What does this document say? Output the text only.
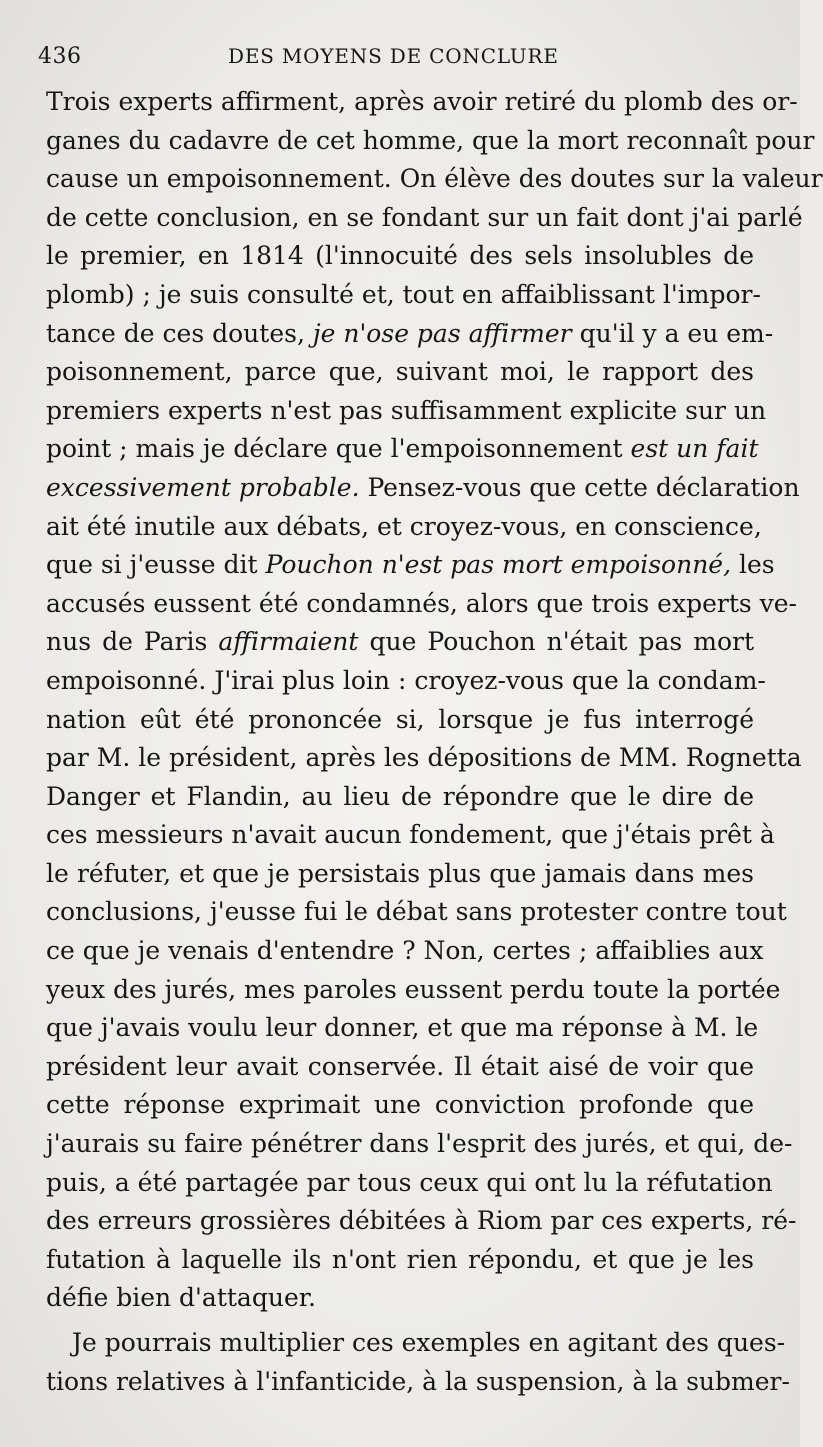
436	DES MOYENS DE CONCLURE
Trois experts affirment, après avoir retiré du plomb des or-
ganes du cadavre de cet homme, que la mort reconnaît pour
cause un empoisonnement. On élève des doutes sur la valeur
de cette conclusion, en se fondant sur un fait dont j'ai parlé
le premier, en 1814 (l'innocuité des sels insolubles de
plomb) ; je suis consulté et, tout en affaiblissant l'impor-
tance de ces doutes, je n'ose pas affirmer qu'il y a eu em-
poisonnement, parce que, suivant moi, le rapport des
premiers experts n'est pas suffisamment explicite sur un
point ; mais je déclare que l'empoisonnement est un fait
excessivement probable. Pensez-vous que cette déclaration
ait été inutile aux débats, et croyez-vous, en conscience,
que si j'eusse dit Pouchon n'est pas mort empoisonné, les
accusés eussent été condamnés, alors que trois experts ve-
nus de Paris affirmaient que Pouchon n'était pas mort
empoisonné. J'irai plus loin : croyez-vous que la condam-
nation eût été prononcée si, lorsque je fus interrogé
par M. le président, après les dépositions de MM. Rognetta
Danger et Flandin, au lieu de répondre que le dire de
ces messieurs n'avait aucun fondement, que j'étais prêt à
le réfuter, et que je persistais plus que jamais dans mes
conclusions, j'eusse fui le débat sans protester contre tout
ce que je venais d'entendre ? Non, certes ; affaiblies aux
yeux des jurés, mes paroles eussent perdu toute la portée
que j'avais voulu leur donner, et que ma réponse à M. le
président leur avait conservée. Il était aisé de voir que
cette réponse exprimait une conviction profonde que
j'aurais su faire pénétrer dans l'esprit des jurés, et qui, de-
puis, a été partagée par tous ceux qui ont lu la réfutation
des erreurs grossières débitées à Riom par ces experts, ré-
futation à laquelle ils n'ont rien répondu, et que je les
défie bien d'attaquer.
Je pourrais multiplier ces exemples en agitant des ques-
tions relatives à l'infanticide, à la suspension, à la submer-
